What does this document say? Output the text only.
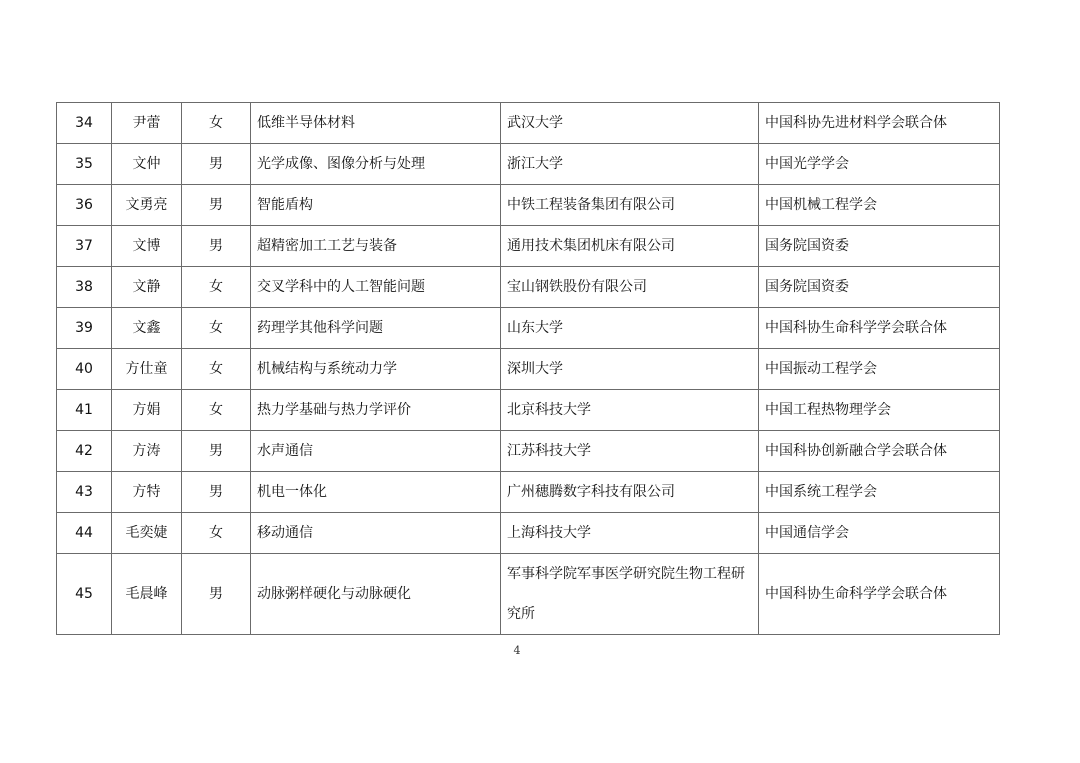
34	尹蕾	女	低维半导体材料	武汉大学	中国科协先进材料学会联合体
35	文仲	男	光学成像、图像分析与处理	浙江大学	中国光学学会
36	文勇亮	男	智能盾构	中铁工程装备集团有限公司	中国机械工程学会
37	文博	男	超精密加工工艺与装备	通用技术集团机床有限公司	国务院国资委
38	文静	女	交叉学科中的人工智能问题	宝山钢铁股份有限公司	国务院国资委
39	文鑫	女	药理学其他科学问题	山东大学	中国科协生命科学学会联合体
40	方仕童	女	机械结构与系统动力学	深圳大学	中国振动工程学会
41	方娟	女	热力学基础与热力学评价	北京科技大学	中国工程热物理学会
42	方涛	男	水声通信	江苏科技大学	中国科协创新融合学会联合体
43	方特	男	机电一体化	广州穗腾数字科技有限公司	中国系统工程学会
44	毛奕婕	女	移动通信	上海科技大学	中国通信学会
45	毛晨峰	男	动脉粥样硬化与动脉硬化	军事科学院军事医学研究院生物工程研究所	中国科协生命科学学会联合体
4
